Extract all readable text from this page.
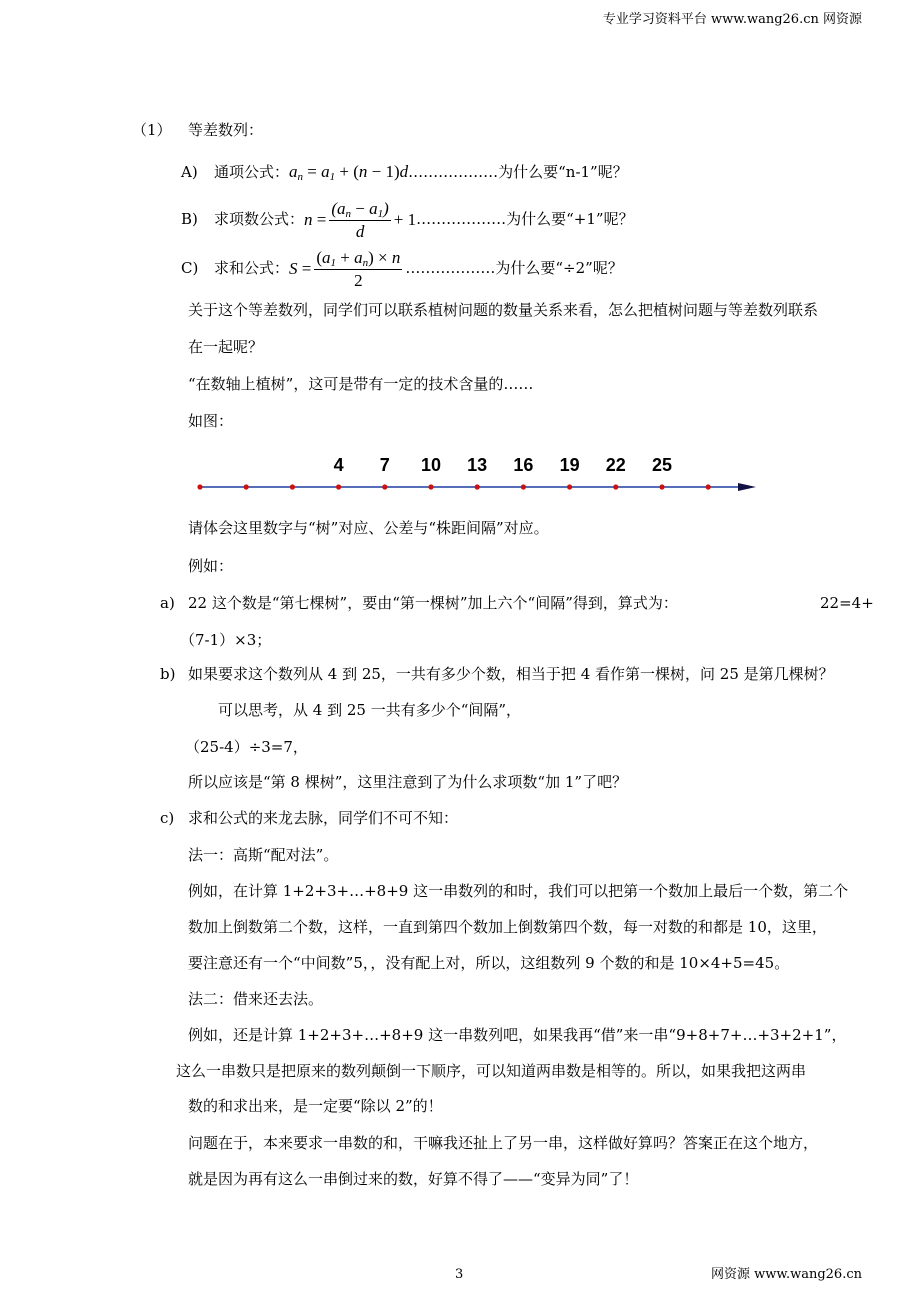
专业学习资料平台 www.wang26.cn 网资源
（1） 等差数列：
A) 通项公式：$a_n = a_1 + (n$ − 1)d………………为什么要“n-1”呢？
B) 求项数公式：$n = \frac{(a_n - a_1)}{d}$ + 1………………为什么要“+1”呢？
C) 求和公式：$S = \frac{(a_1 + a_n) \times n}{2}$ ………………为什么要“÷2”呢？
关于这个等差数列，同学们可以联系植树问题的数量关系来看，怎么把植树问题与等差数列联系
在一起呢？
“在数轴上植树”，这可是带有一定的技术含量的……
如图：
4 7 10 13 16 19 22 25
请体会这里数字与“树”对应、公差与“株距间隔”对应。
例如：
a) 22 这个数是“第七棵树”，要由“第一棵树”加上六个“间隔”得到，算式为：	22=4+
（7-1）×3；
b) 如果要求这个数列从 4 到 25，一共有多少个数，相当于把 4 看作第一棵树，问 25 是第几棵树？
可以思考，从 4 到 25 一共有多少个“间隔”，
（25-4）÷3=7，
所以应该是“第 8 棵树”，这里注意到了为什么求项数“加 1”了吧？
c) 求和公式的来龙去脉，同学们不可不知：
法一：高斯“配对法”。
例如，在计算 1+2+3+…+8+9 这一串数列的和时，我们可以把第一个数加上最后一个数，第二个
数加上倒数第二个数，这样，一直到第四个数加上倒数第四个数，每一对数的和都是 10，这里，
要注意还有一个“中间数”5，，没有配上对，所以，这组数列 9 个数的和是 10×4+5=45。
法二：借来还去法。
例如，还是计算 1+2+3+…+8+9 这一串数列吧，如果我再“借”来一串“9+8+7+…+3+2+1”，
这么一串数只是把原来的数列颠倒一下顺序，可以知道两串数是相等的。所以，如果我把这两串
数的和求出来，是一定要“除以 2”的！
问题在于，本来要求一串数的和，干嘛我还扯上了另一串，这样做好算吗？答案正在这个地方，
就是因为再有这么一串倒过来的数，好算不得了——“变异为同”了！
3	网资源 www.wang26.cn
